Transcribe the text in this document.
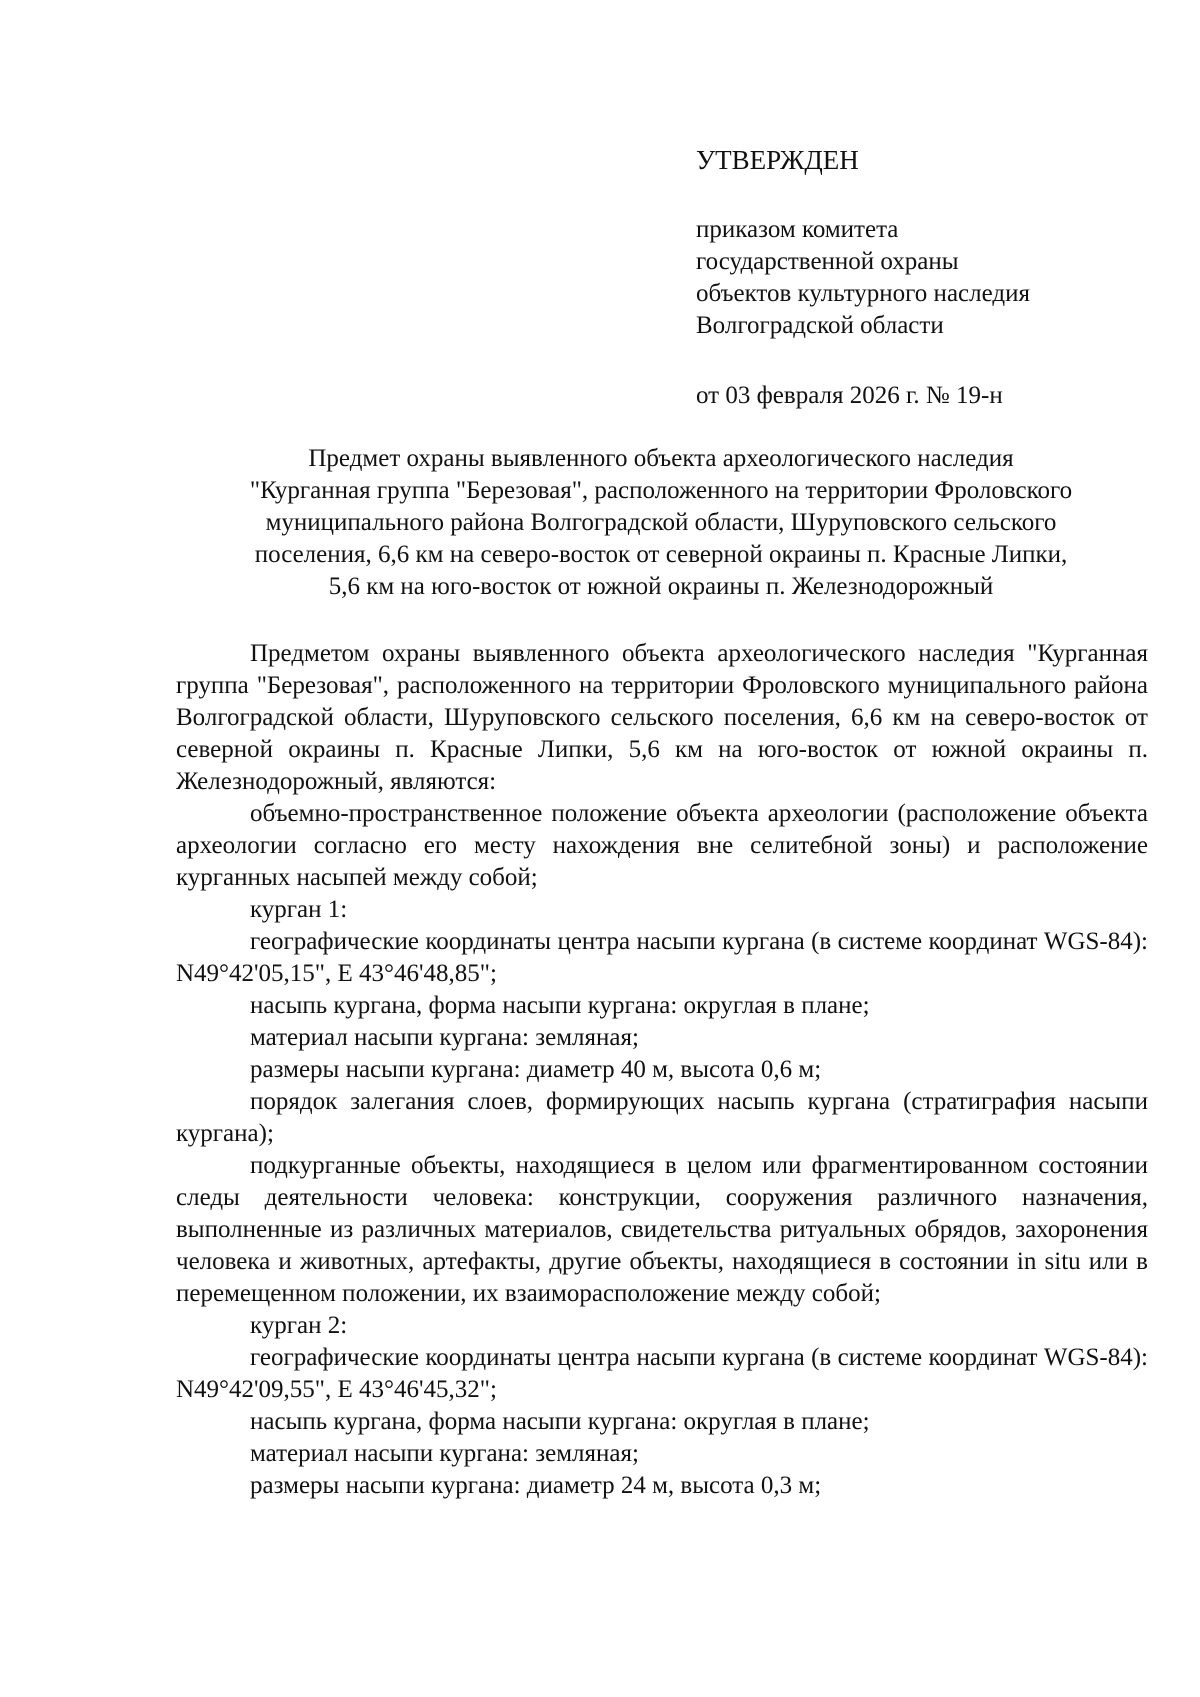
УТВЕРЖДЕН
приказом комитета
государственной охраны
объектов культурного наследия
Волгоградской области
от 03 февраля 2026 г. № 19-н
Предмет охраны выявленного объекта археологического наследия
"Курганная группа "Березовая", расположенного на территории Фроловского
муниципального района Волгоградской области, Шуруповского сельского
поселения, 6,6 км на северо-восток от северной окраины п. Красные Липки,
5,6 км на юго-восток от южной окраины п. Железнодорожный
Предметом охраны выявленного объекта археологического наследия "Курганная группа "Березовая", расположенного на территории Фроловского муниципального района Волгоградской области, Шуруповского сельского поселения, 6,6 км на северо-восток от северной окраины п. Красные Липки, 5,6 км на юго-восток от южной окраины п. Железнодорожный, являются:
объемно-пространственное положение объекта археологии (расположение объекта археологии согласно его месту нахождения вне селитебной зоны) и расположение курганных насыпей между собой;
курган 1:
географические координаты центра насыпи кургана (в системе координат WGS-84): N49°42'05,15", E 43°46'48,85";
насыпь кургана, форма насыпи кургана: округлая в плане;
материал насыпи кургана: земляная;
размеры насыпи кургана: диаметр 40 м, высота 0,6 м;
порядок залегания слоев, формирующих насыпь кургана (стратиграфия насыпи кургана);
подкурганные объекты, находящиеся в целом или фрагментированном состоянии следы деятельности человека: конструкции, сооружения различного назначения, выполненные из различных материалов, свидетельства ритуальных обрядов, захоронения человека и животных, артефакты, другие объекты, находящиеся в состоянии in situ или в перемещенном положении, их взаиморасположение между собой;
курган 2:
географические координаты центра насыпи кургана (в системе координат WGS-84): N49°42'09,55", E 43°46'45,32";
насыпь кургана, форма насыпи кургана: округлая в плане;
материал насыпи кургана: земляная;
размеры насыпи кургана: диаметр 24 м, высота 0,3 м;
